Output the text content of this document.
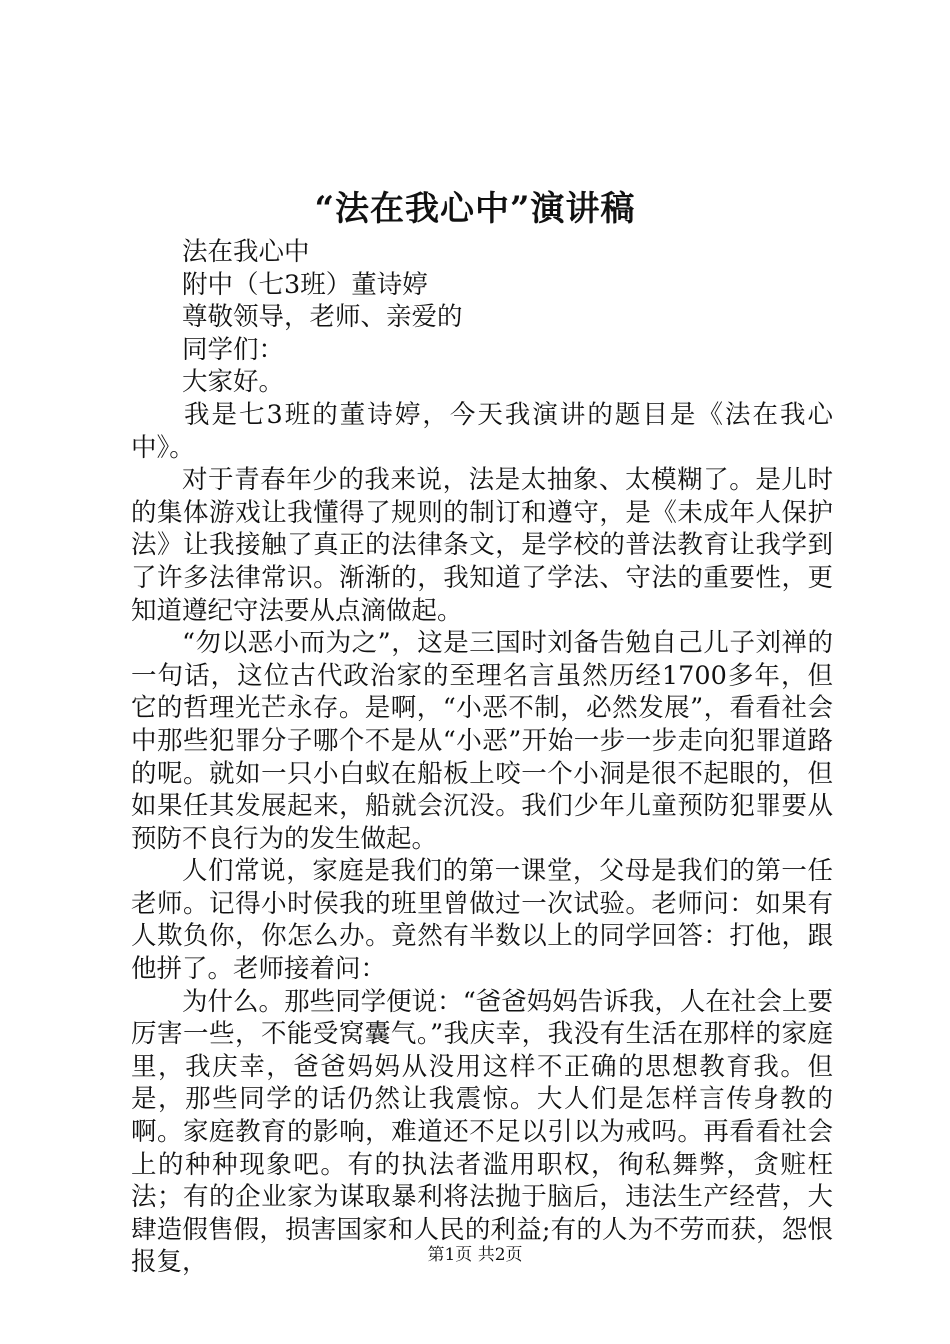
“法在我心中”演讲稿

法在我心中

附中（七3班）董诗婷

尊敬领导，老师、亲爱的

同学们：

大家好。

我是七3班的董诗婷，今天我演讲的题目是《法在我心中》。

对于青春年少的我来说，法是太抽象、太模糊了。是儿时的集体游戏让我懂得了规则的制订和遵守，是《未成年人保护法》让我接触了真正的法律条文，是学校的普法教育让我学到了许多法律常识。渐渐的，我知道了学法、守法的重要性，更知道遵纪守法要从点滴做起。

“勿以恶小而为之”，这是三国时刘备告勉自己儿子刘禅的一句话，这位古代政治家的至理名言虽然历经1700多年，但它的哲理光芒永存。是啊，“小恶不制，必然发展”，看看社会中那些犯罪分子哪个不是从“小恶”开始一步一步走向犯罪道路的呢。就如一只小白蚁在船板上咬一个小洞是很不起眼的，但如果任其发展起来，船就会沉没。我们少年儿童预防犯罪要从预防不良行为的发生做起。

人们常说，家庭是我们的第一课堂，父母是我们的第一任老师。记得小时侯我的班里曾做过一次试验。老师问：如果有人欺负你，你怎么办。竟然有半数以上的同学回答：打他，跟他拼了。老师接着问：

为什么。那些同学便说：“爸爸妈妈告诉我，人在社会上要厉害一些，不能受窝囊气。”我庆幸，我没有生活在那样的家庭里，我庆幸，爸爸妈妈从没用这样不正确的思想教育我。但是，那些同学的话仍然让我震惊。大人们是怎样言传身教的啊。家庭教育的影响，难道还不足以引以为戒吗。再看看社会上的种种现象吧。有的执法者滥用职权，徇私舞弊，贪赃枉法；有的企业家为谋取暴利将法抛于脑后，违法生产经营，大肆造假售假，损害国家和人民的利益;有的人为不劳而获，怨恨报复，	第1页 共2页
